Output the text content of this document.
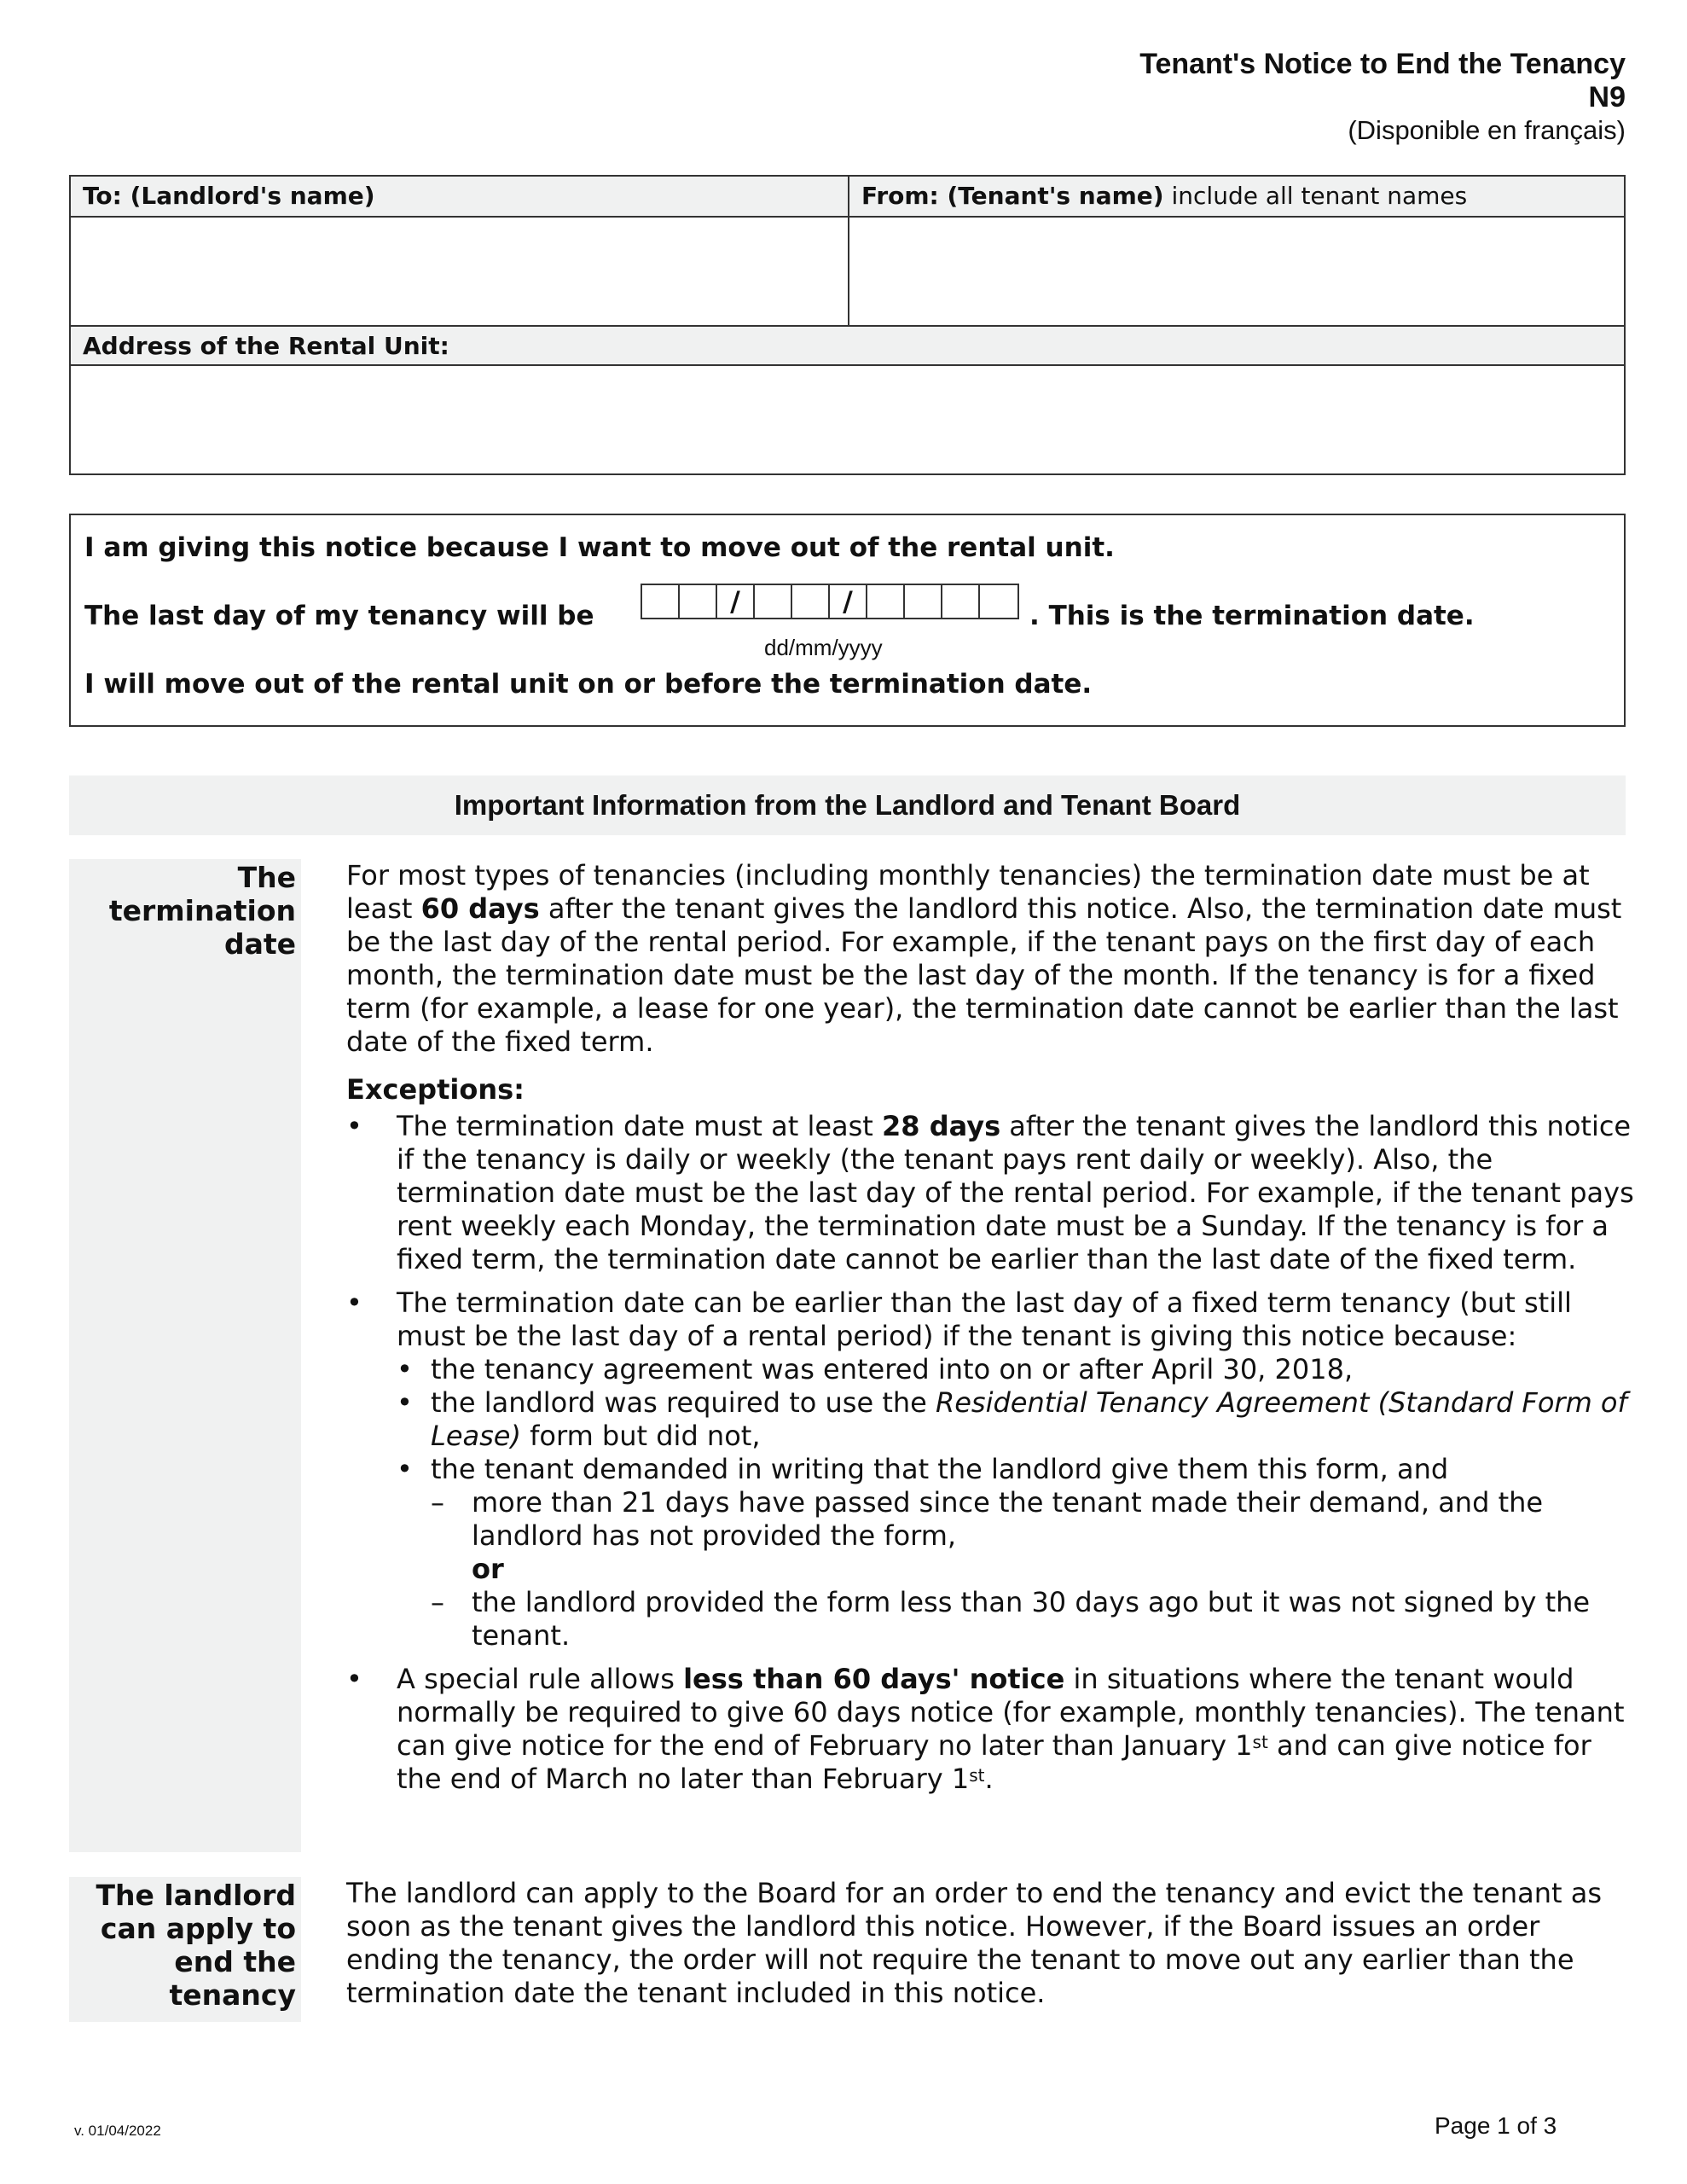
Tenant's Notice to End the Tenancy
N9
(Disponible en français)
To: (Landlord's name)	From: (Tenant's name) include all tenant names
Address of the Rental Unit:
I am giving this notice because I want to move out of the rental unit.
The last day of my tenancy will be	/	/	. This is the termination date.
dd/mm/yyyy
I will move out of the rental unit on or before the termination date.
Important Information from the Landlord and Tenant Board
The
termination
date

For most types of tenancies (including monthly tenancies) the termination date must be at least 60 days after the tenant gives the landlord this notice. Also, the termination date must be the last day of the rental period. For example, if the tenant pays on the first day of each month, the termination date must be the last day of the month. If the tenancy is for a fixed term (for example, a lease for one year), the termination date cannot be earlier than the last date of the fixed term.

Exceptions:

• The termination date must at least 28 days after the tenant gives the landlord this notice if the tenancy is daily or weekly (the tenant pays rent daily or weekly). Also, the termination date must be the last day of the rental period. For example, if the tenant pays rent weekly each Monday, the termination date must be a Sunday. If the tenancy is for a fixed term, the termination date cannot be earlier than the last date of the fixed term.
• The termination date can be earlier than the last day of a fixed term tenancy (but still must be the last day of a rental period) if the tenant is giving this notice because:
• the tenancy agreement was entered into on or after April 30, 2018,
• the landlord was required to use the Residential Tenancy Agreement (Standard Form of Lease) form but did not,
• the tenant demanded in writing that the landlord give them this form, and
– more than 21 days have passed since the tenant made their demand, and the landlord has not provided the form,
or
– the landlord provided the form less than 30 days ago but it was not signed by the tenant.
• A special rule allows less than 60 days' notice in situations where the tenant would normally be required to give 60 days notice (for example, monthly tenancies). The tenant can give notice for the end of February no later than January 1st and can give notice for the end of March no later than February 1st.
The landlord
can apply to
end the
tenancy

The landlord can apply to the Board for an order to end the tenancy and evict the tenant as soon as the tenant gives the landlord this notice. However, if the Board issues an order ending the tenancy, the order will not require the tenant to move out any earlier than the termination date the tenant included in this notice.

v. 01/04/2022	Page 1 of 3
